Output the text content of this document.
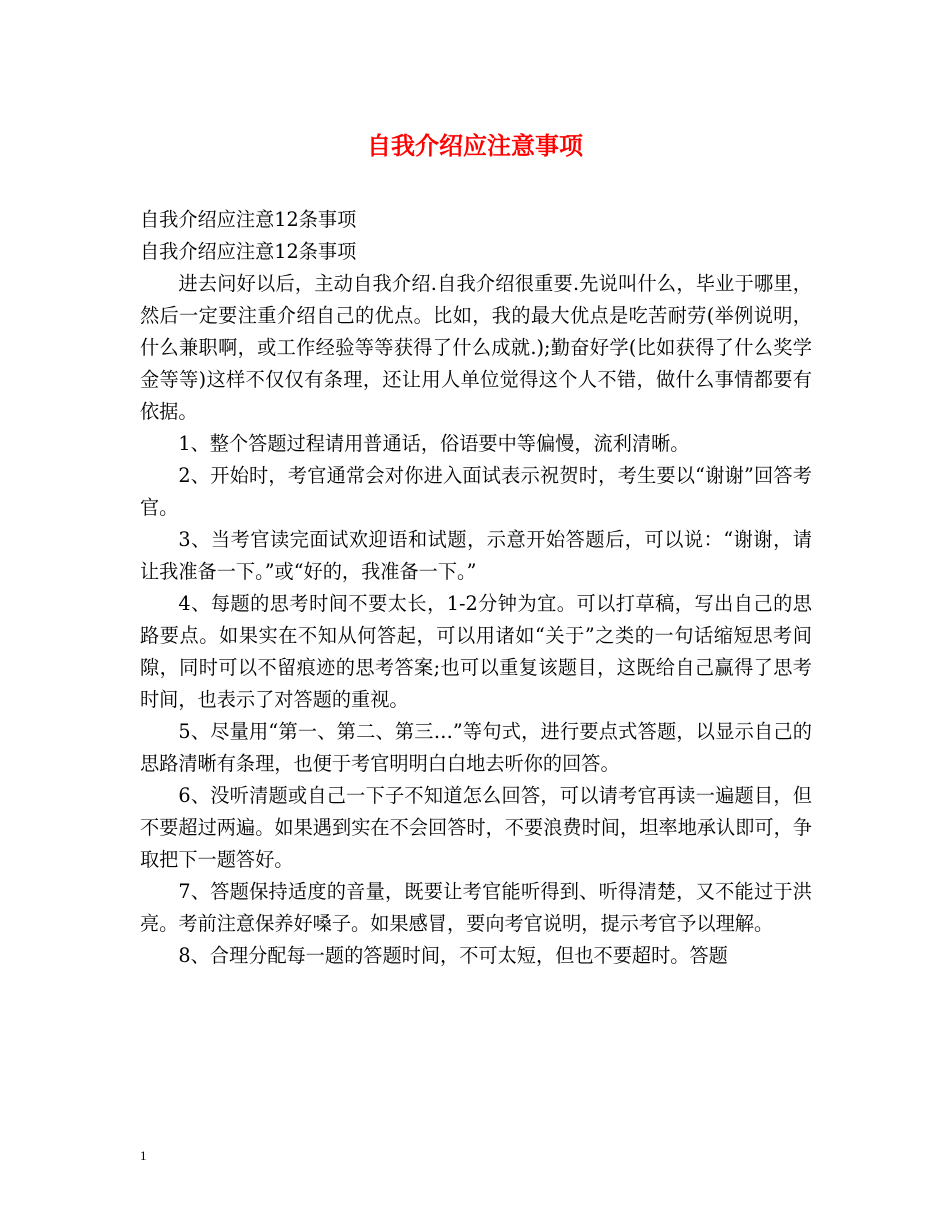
自我介绍应注意事项

自我介绍应注意12条事项

自我介绍应注意12条事项

进去问好以后，主动自我介绍.自我介绍很重要.先说叫什么，毕业于哪里，然后一定要注重介绍自己的优点。比如，我的最大优点是吃苦耐劳(举例说明，什么兼职啊，或工作经验等等获得了什么成就.);勤奋好学(比如获得了什么奖学金等等)这样不仅仅有条理，还让用人单位觉得这个人不错，做什么事情都要有依据。

1、整个答题过程请用普通话，俗语要中等偏慢，流利清晰。

2、开始时，考官通常会对你进入面试表示祝贺时，考生要以“谢谢”回答考官。

3、当考官读完面试欢迎语和试题，示意开始答题后，可以说：“谢谢，请让我准备一下。”或“好的，我准备一下。”

4、每题的思考时间不要太长，1-2分钟为宜。可以打草稿，写出自己的思路要点。如果实在不知从何答起，可以用诸如“关于”之类的一句话缩短思考间隙，同时可以不留痕迹的思考答案;也可以重复该题目，这既给自己赢得了思考时间，也表示了对答题的重视。

5、尽量用“第一、第二、第三…”等句式，进行要点式答题，以显示自己的思路清晰有条理，也便于考官明明白白地去听你的回答。

6、没听清题或自己一下子不知道怎么回答，可以请考官再读一遍题目，但不要超过两遍。如果遇到实在不会回答时，不要浪费时间，坦率地承认即可，争取把下一题答好。

7、答题保持适度的音量，既要让考官能听得到、听得清楚，又不能过于洪亮。考前注意保养好嗓子。如果感冒，要向考官说明，提示考官予以理解。

8、合理分配每一题的答题时间，不可太短，但也不要超时。答题

1
